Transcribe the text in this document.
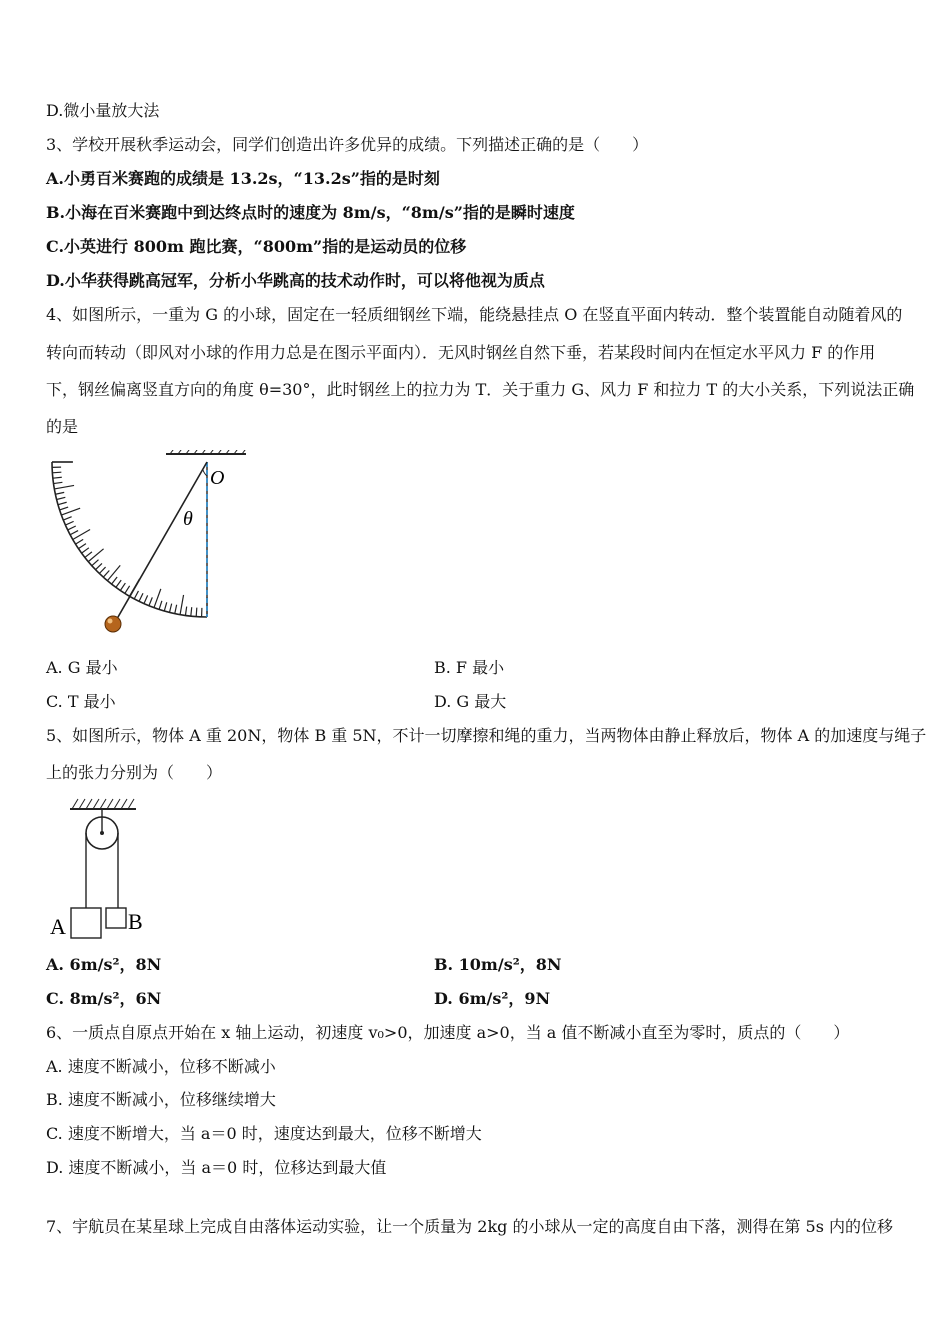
D.微小量放大法
3、学校开展秋季运动会，同学们创造出许多优异的成绩。下列描述正确的是（　　）
A.小勇百米赛跑的成绩是 13.2s，“13.2s”指的是时刻
B.小海在百米赛跑中到达终点时的速度为 8m/s，“8m/s”指的是瞬时速度
C.小英进行 800m 跑比赛，“800m”指的是运动员的位移
D.小华获得跳高冠军，分析小华跳高的技术动作时，可以将他视为质点
4、如图所示，一重为 G 的小球，固定在一轻质细钢丝下端，能绕悬挂点 O 在竖直平面内转动．整个装置能自动随着风的
转向而转动（即风对小球的作用力总是在图示平面内）．无风时钢丝自然下垂，若某段时间内在恒定水平风力 F 的作用
下，钢丝偏离竖直方向的角度 θ=30°，此时钢丝上的拉力为 T．关于重力 G、风力 F 和拉力 T 的大小关系，下列说法正确
的是
O
θ
A. G 最小	B. F 最小
C. T 最小	D. G 最大
5、如图所示，物体 A 重 20N，物体 B 重 5N，不计一切摩擦和绳的重力，当两物体由静止释放后，物体 A 的加速度与绳子
上的张力分别为（　　）
A	B
A. 6m/s²，8N	B. 10m/s²，8N
C. 8m/s²，6N	D. 6m/s²，9N
6、一质点自原点开始在 x 轴上运动，初速度 v₀>0，加速度 a>0，当 a 值不断减小直至为零时，质点的（　　）
A. 速度不断减小，位移不断减小
B. 速度不断减小，位移继续增大
C. 速度不断增大，当 a＝0 时，速度达到最大，位移不断增大
D. 速度不断减小，当 a＝0 时，位移达到最大值
7、宇航员在某星球上完成自由落体运动实验，让一个质量为 2kg 的小球从一定的高度自由下落，测得在第 5s 内的位移
